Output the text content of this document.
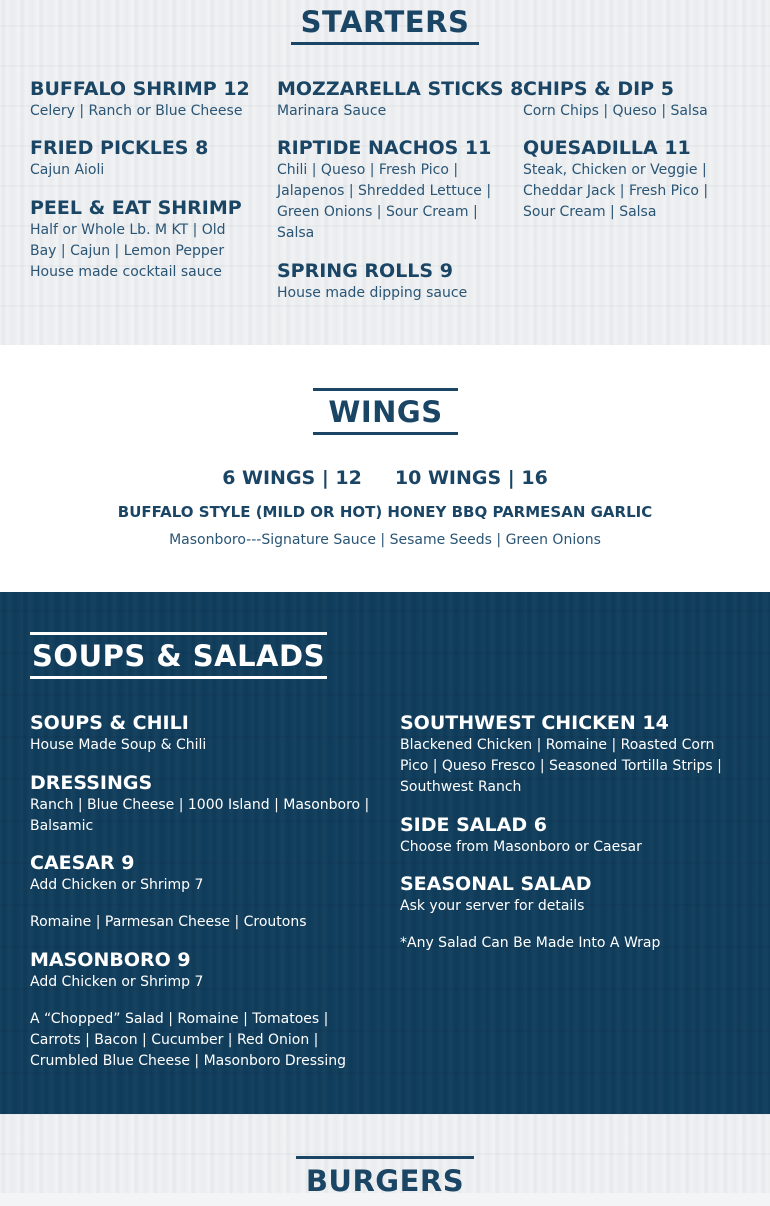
STARTERS
BUFFALO SHRIMP 12

Celery | Ranch or Blue Cheese

FRIED PICKLES 8

Cajun Aioli

PEEL & EAT SHRIMP

Half or Whole Lb. M KT | Old Bay | Cajun | Lemon Pepper House made cocktail sauce

MOZZARELLA STICKS 8

Marinara Sauce

RIPTIDE NACHOS 11

Chili | Queso | Fresh Pico | Jalapenos | Shredded Lettuce | Green Onions | Sour Cream | Salsa

SPRING ROLLS 9

House made dipping sauce

CHIPS & DIP 5

Corn Chips | Queso | Salsa

QUESADILLA 11

Steak, Chicken or Veggie | Cheddar Jack | Fresh Pico | Sour Cream | Salsa

WINGS
6 WINGS | 12     10 WINGS | 16
BUFFALO STYLE (MILD OR HOT) HONEY BBQ PARMESAN GARLIC
Masonboro---Signature Sauce | Sesame Seeds | Green Onions
SOUPS & SALADS
SOUPS & CHILI

House Made Soup & Chili

DRESSINGS

Ranch | Blue Cheese | 1000 Island | Masonboro | Balsamic

CAESAR 9

Add Chicken or Shrimp 7

Romaine | Parmesan Cheese | Croutons

MASONBORO 9

Add Chicken or Shrimp 7

A “Chopped” Salad | Romaine | Tomatoes | Carrots | Bacon | Cucumber | Red Onion | Crumbled Blue Cheese | Masonboro Dressing

SOUTHWEST CHICKEN 14

Blackened Chicken | Romaine | Roasted Corn Pico | Queso Fresco | Seasoned Tortilla Strips | Southwest Ranch

SIDE SALAD 6

Choose from Masonboro or Caesar

SEASONAL SALAD

Ask your server for details

*Any Salad Can Be Made Into A Wrap

BURGERS
